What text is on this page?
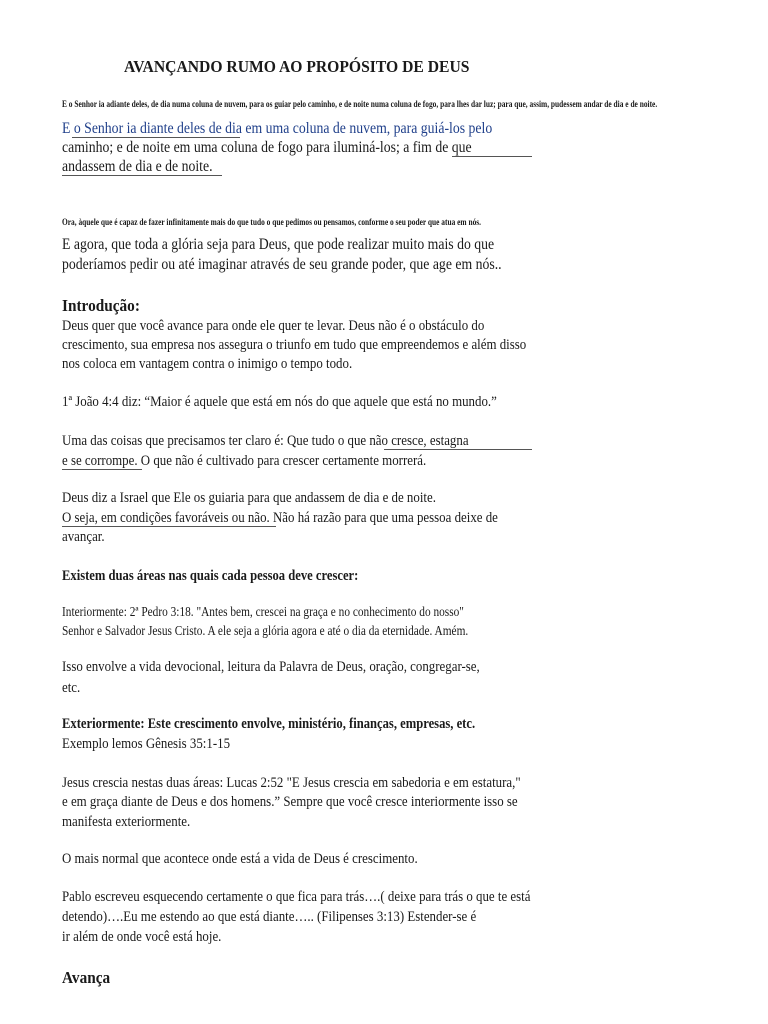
AVANÇANDO RUMO AO PROPÓSITO DE DEUS
E o Senhor ia adiante deles, de dia numa coluna de nuvem, para os guiar pelo caminho, e de noite numa coluna de fogo, para lhes dar luz; para que, assim, pudessem andar de dia e de noite.
E o Senhor ia diante deles de dia em uma coluna de nuvem, para guiá-los pelo
caminho; e de noite em uma coluna de fogo para iluminá-los; a fim de que
andassem de dia e de noite.
Ora, àquele que é capaz de fazer infinitamente mais do que tudo o que pedimos ou pensamos, conforme o seu poder que atua em nós.
E agora, que toda a glória seja para Deus, que pode realizar muito mais do que
poderíamos pedir ou até imaginar através de seu grande poder, que age em nós..
Introdução:
Deus quer que você avance para onde ele quer te levar. Deus não é o obstáculo do
crescimento, sua empresa nos assegura o triunfo em tudo que empreendemos e além disso
nos coloca em vantagem contra o inimigo o tempo todo.
1ª João 4:4 diz: “Maior é aquele que está em nós do que aquele que está no mundo.”
Uma das coisas que precisamos ter claro é: Que tudo o que não cresce, estagna
e se corrompe. O que não é cultivado para crescer certamente morrerá.
Deus diz a Israel que Ele os guiaria para que andassem de dia e de noite.
O seja, em condições favoráveis ou não. Não há razão para que uma pessoa deixe de
avançar.
Existem duas áreas nas quais cada pessoa deve crescer:
Interiormente: 2ª Pedro 3:18. "Antes bem, crescei na graça e no conhecimento do nosso"
Senhor e Salvador Jesus Cristo. A ele seja a glória agora e até o dia da eternidade. Amém.
Isso envolve a vida devocional, leitura da Palavra de Deus, oração, congregar-se,
etc.
Exteriormente: Este crescimento envolve, ministério, finanças, empresas, etc.
Exemplo lemos Gênesis 35:1-15
Jesus crescia nestas duas áreas: Lucas 2:52 "E Jesus crescia em sabedoria e em estatura,"
e em graça diante de Deus e dos homens.” Sempre que você cresce interiormente isso se
manifesta exteriormente.
O mais normal que acontece onde está a vida de Deus é crescimento.
Pablo escreveu esquecendo certamente o que fica para trás….( deixe para trás o que te está
detendo)….Eu me estendo ao que está diante….. (Filipenses 3:13) Estender-se é
ir além de onde você está hoje.
Avança
